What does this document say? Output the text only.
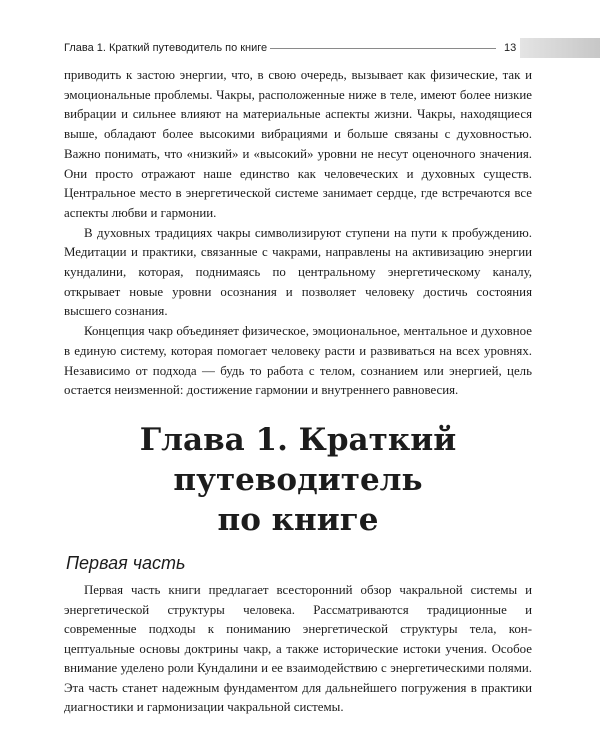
Глава 1. Краткий путеводитель по книге	13

приводить к застою энергии, что, в свою очередь, вызывает как физические, так и эмоциональные проблемы. Чакры, расположенные ниже в теле, имеют более низкие вибрации и сильнее влияют на материальные аспекты жизни. Чакры, находящиеся выше, обладают более высокими вибрациями и больше связаны с духовностью. Важно понимать, что «низкий» и «высокий» уровни не несут оценочного значения. Они просто отражают наше единство как человеческих и духовных существ. Центральное место в энергетической системе занимает сердце, где встречаются все аспекты любви и гармонии.

В духовных традициях чакры символизируют ступени на пути к пробуждению. Медитации и практики, связанные с чакрами, направлены на активизацию энергии кундалини, которая, поднимаясь по центральному энергетическому каналу, открывает новые уровни осознания и позволяет человеку достичь состояния высшего сознания.

Концепция чакр объединяет физическое, эмоциональное, ментальное и духовное в единую систему, которая помогает человеку расти и развиваться на всех уровнях. Независимо от подхода — будь то работа с телом, сознанием или энергией, цель остается неизменной: достижение гармонии и внутреннего равновесия.

Глава 1. Краткий
путеводитель
по книге
Первая часть

Первая часть книги предлагает всесторонний обзор чакральной системы и энергетической структуры человека. Рассматриваются традиционные и современные подходы к пониманию энергетической структуры тела, концептуальные основы доктрины чакр, а также исторические истоки учения. Особое внимание уделено роли Кундалини и ее взаимодействию с энергетическими полями. Эта часть станет надежным фундаментом для дальнейшего погружения в практики диагностики и гармонизации чакральной системы.
